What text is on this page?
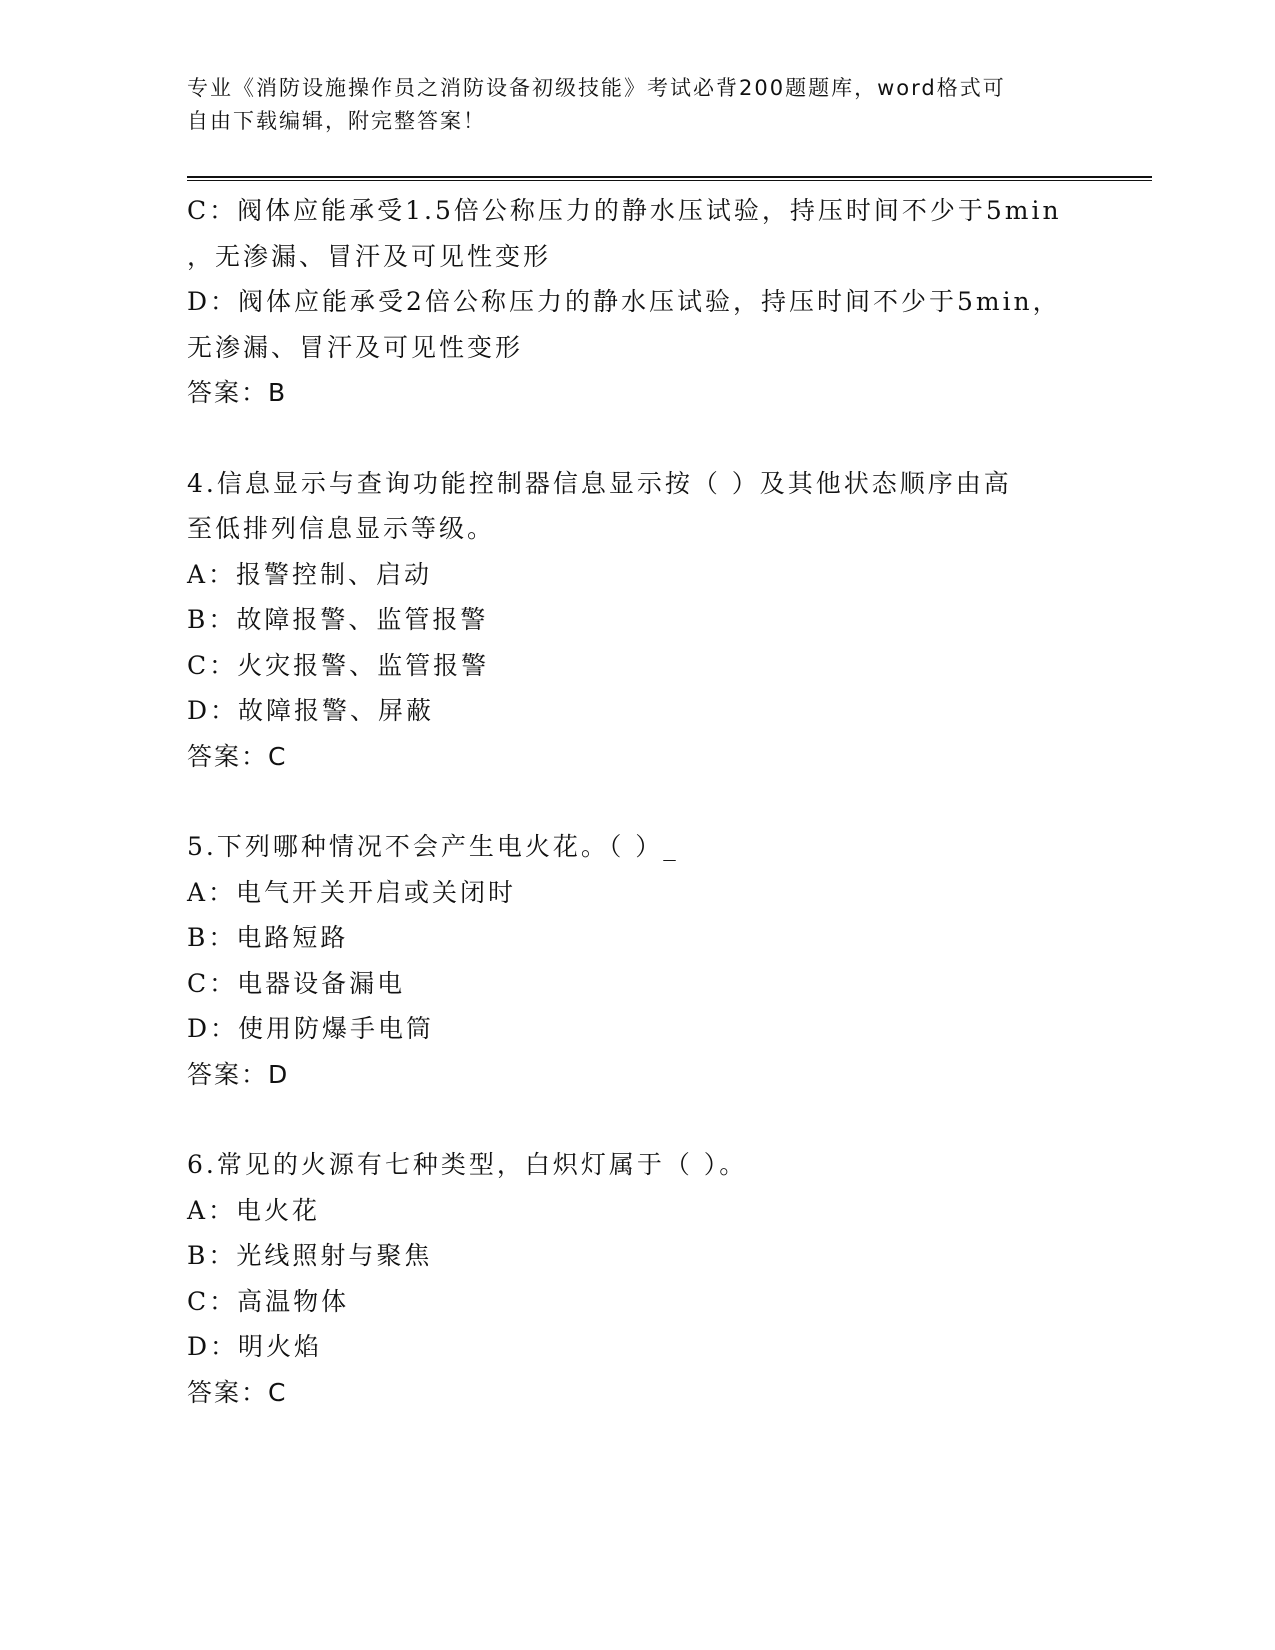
专业《消防设施操作员之消防设备初级技能》考试必背200题题库，word格式可
自由下载编辑，附完整答案！
C：阀体应能承受1.5倍公称压力的静水压试验，持压时间不少于5min
，无渗漏、冒汗及可见性变形
D：阀体应能承受2倍公称压力的静水压试验，持压时间不少于5min，
无渗漏、冒汗及可见性变形
答案：B
4.信息显示与查询功能控制器信息显示按（ ）及其他状态顺序由高
至低排列信息显示等级。
A：报警控制、启动
B：故障报警、监管报警
C：火灾报警、监管报警
D：故障报警、屏蔽
答案：C
5.下列哪种情况不会产生电火花。（ ）_
A：电气开关开启或关闭时
B：电路短路
C：电器设备漏电
D：使用防爆手电筒
答案：D
6.常见的火源有七种类型，白炽灯属于（ ）。
A：电火花
B：光线照射与聚焦
C：高温物体
D：明火焰
答案：C
